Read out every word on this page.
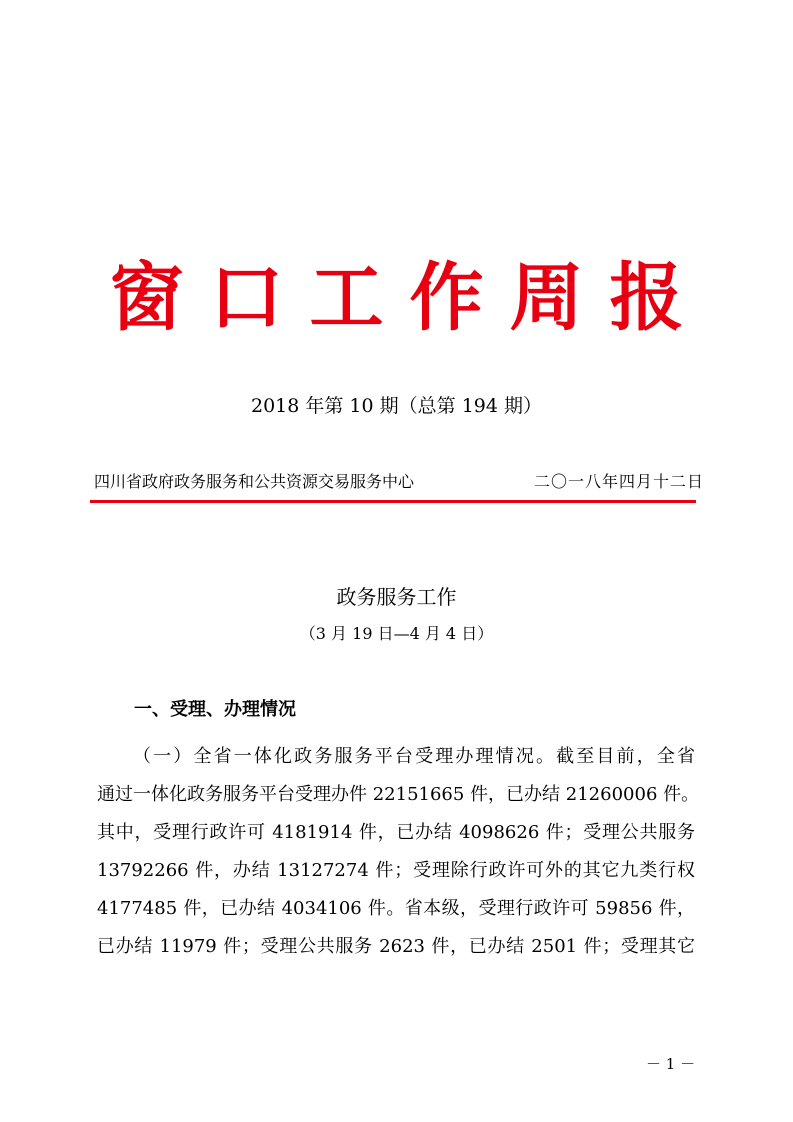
窗口工作周报
2018 年第 10 期（总第 194 期）
四川省政府政务服务和公共资源交易服务中心	二〇一八年四月十二日
政务服务工作
（3 月 19 日—4 月 4 日）
一、受理、办理情况
（一）全省一体化政务服务平台受理办理情况。截至目前，全省
通过一体化政务服务平台受理办件 22151665 件，已办结 21260006 件。
其中，受理行政许可 4181914 件，已办结 4098626 件；受理公共服务
13792266 件，办结 13127274 件；受理除行政许可外的其它九类行权
4177485 件，已办结 4034106 件。省本级，受理行政许可 59856 件，
已办结 11979 件；受理公共服务 2623 件，已办结 2501 件；受理其它
－ 1 －
